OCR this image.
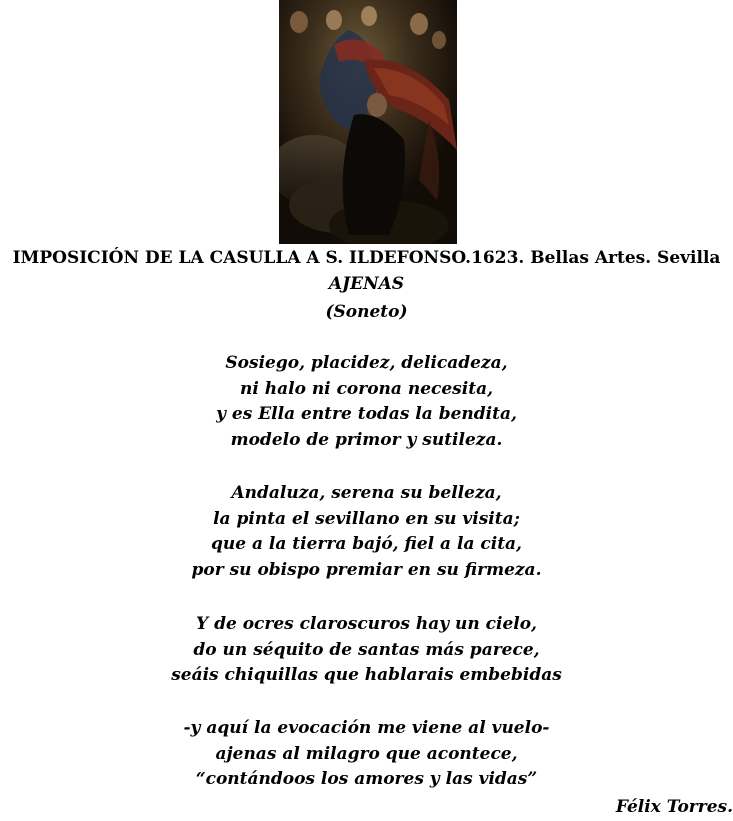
IMPOSICIÓN DE LA CASULLA A S. ILDEFONSO.1623. Bellas Artes. Sevilla
AJENAS
(Soneto)
Sosiego, placidez, delicadeza,
ni halo ni corona necesita,
y es Ella entre todas la bendita,
modelo de primor y sutileza.
Andaluza, serena su belleza,
la pinta el sevillano en su visita;
que a la tierra bajó, fiel a la cita,
por su obispo premiar en su firmeza.
Y de ocres claroscuros hay un cielo,
do un séquito de santas más parece,
seáis chiquillas que hablarais embebidas
-y aquí la evocación me viene al vuelo-
ajenas al milagro que acontece,
“contándoos los amores y las vidas”
Félix Torres.
